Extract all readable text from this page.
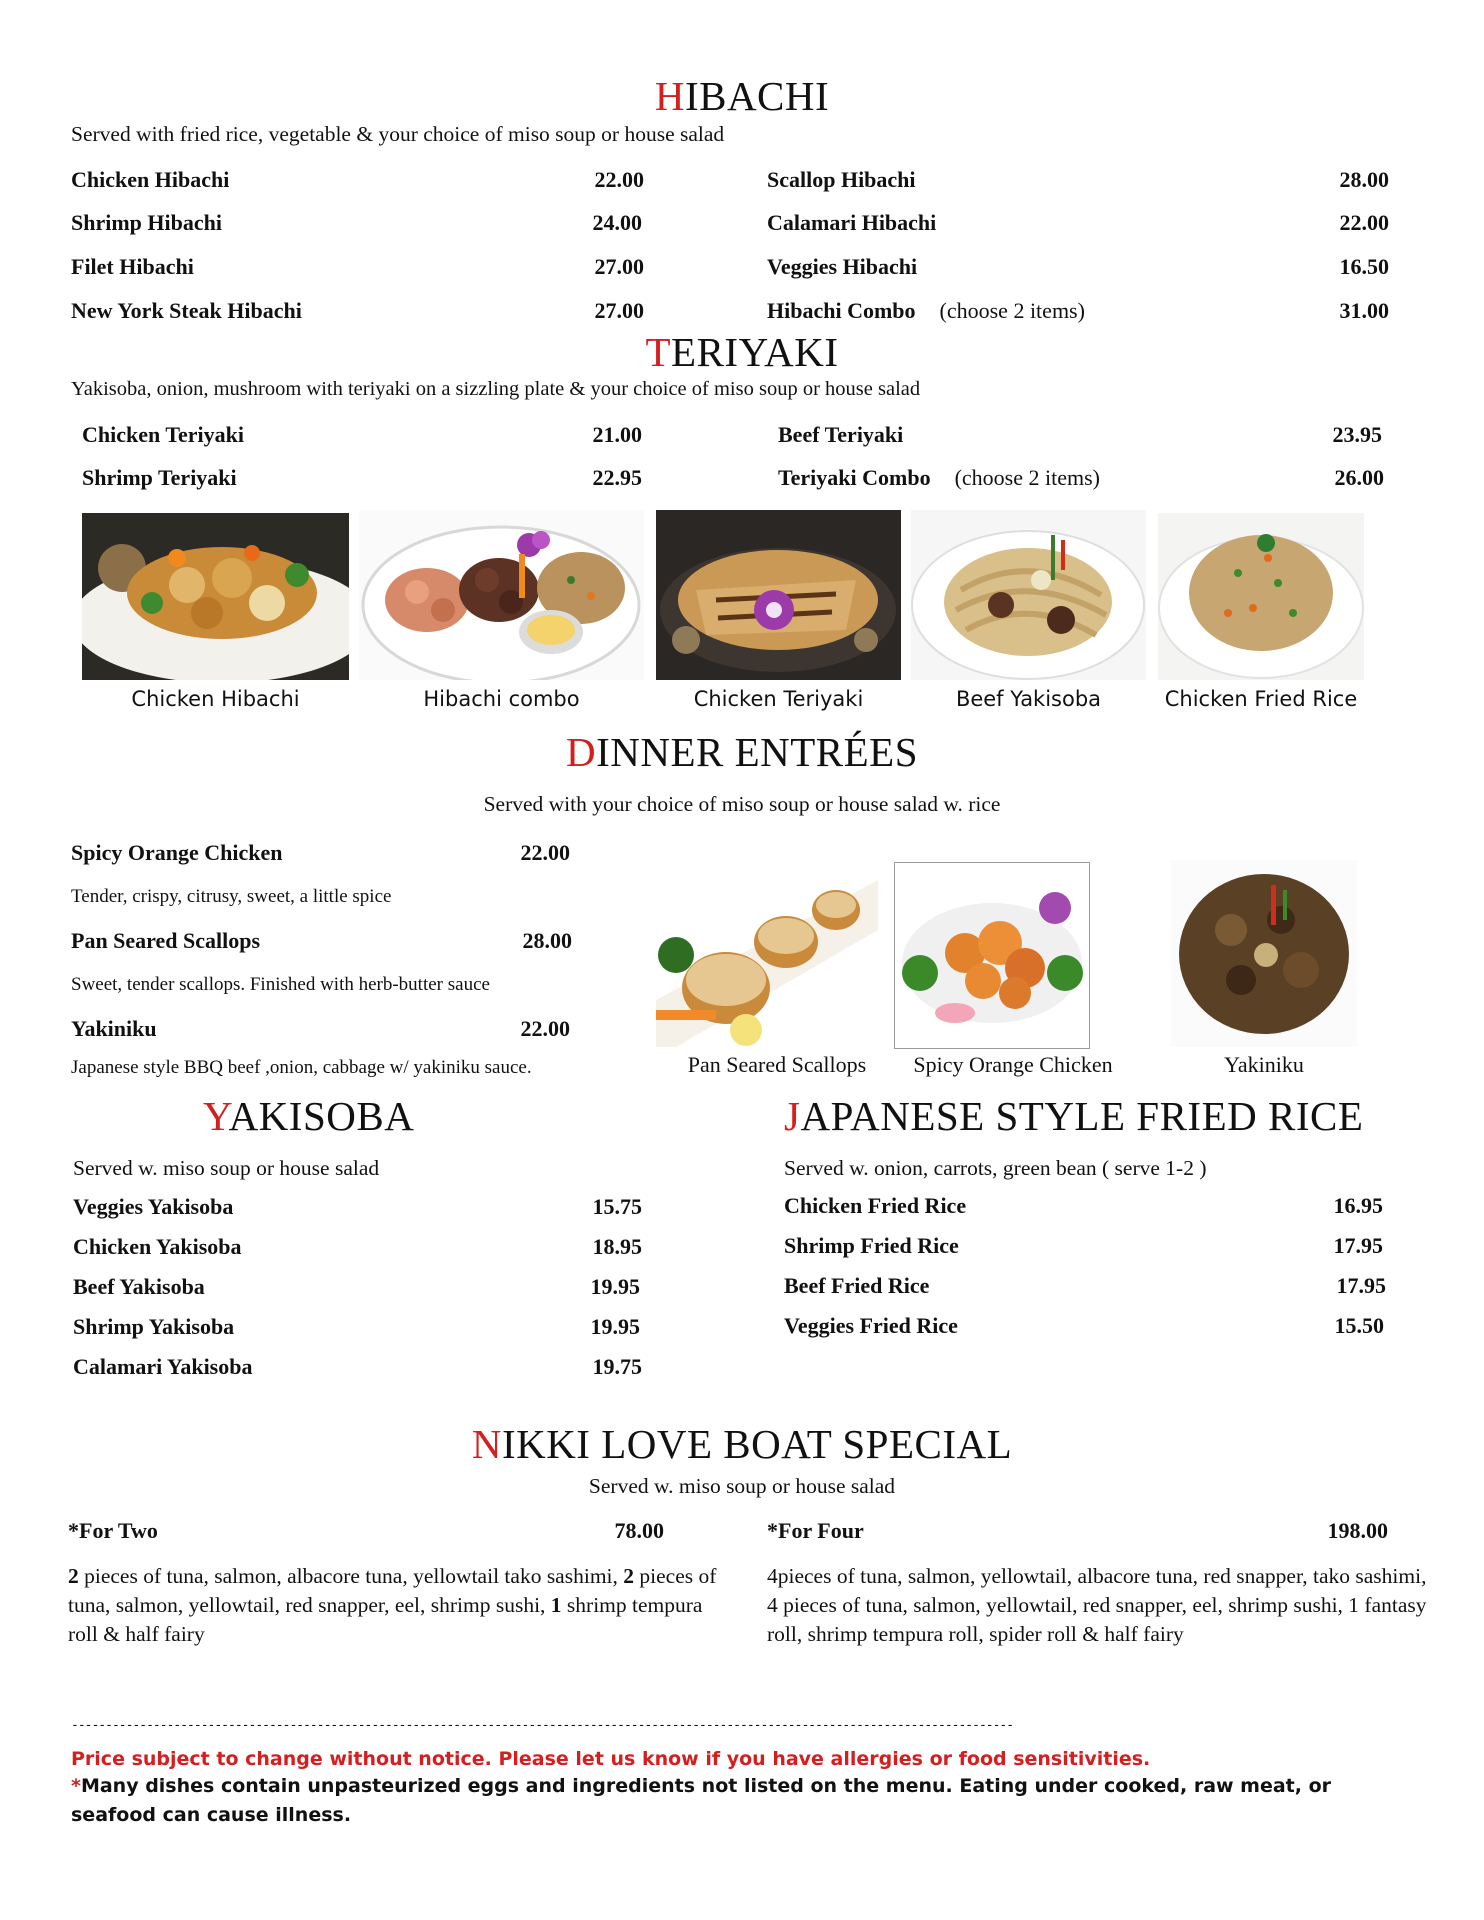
HIBACHI
Served with fried rice, vegetable & your choice of miso soup or house salad
Chicken Hibachi	22.00
Shrimp Hibachi	24.00
Filet Hibachi	27.00
New York Steak Hibachi	27.00
Scallop Hibachi	28.00
Calamari Hibachi	22.00
Veggies Hibachi	16.50
Hibachi Combo (choose 2 items)	31.00
TERIYAKI
Yakisoba, onion, mushroom with teriyaki on a sizzling plate & your choice of miso soup or house salad
Chicken Teriyaki	21.00
Shrimp Teriyaki	22.95
Beef Teriyaki	23.95
Teriyaki Combo (choose 2 items)	26.00
Chicken Hibachi	Hibachi combo	Chicken Teriyaki	Beef Yakisoba	Chicken Fried Rice
DINNER ENTRÉES
Served with your choice of miso soup or house salad w. rice
Spicy Orange Chicken	22.00
Tender, crispy, citrusy, sweet, a little spice
Pan Seared Scallops	28.00
Sweet, tender scallops. Finished with herb-butter sauce
Yakiniku	22.00
Japanese style BBQ beef ,onion, cabbage w/ yakiniku sauce.	Pan Seared Scallops	Spicy Orange Chicken	Yakiniku
YAKISOBA
Served w. miso soup or house salad
Veggies Yakisoba	15.75
Chicken Yakisoba	18.95
Beef Yakisoba	19.95
Shrimp Yakisoba	19.95
Calamari Yakisoba	19.75
JAPANESE STYLE FRIED RICE
Served w. onion, carrots, green bean ( serve 1-2 )
Chicken Fried Rice	16.95
Shrimp Fried Rice	17.95
Beef Fried Rice	17.95
Veggies Fried Rice	15.50
NIKKI LOVE BOAT SPECIAL
Served w. miso soup or house salad
*For Two	78.00
2 pieces of tuna, salmon, albacore tuna, yellowtail tako sashimi, 2 pieces of tuna, salmon, yellowtail, red snapper, eel, shrimp sushi, 1 shrimp tempura roll & half fairy
*For Four	198.00
4pieces of tuna, salmon, yellowtail, albacore tuna, red snapper, tako sashimi, 4 pieces of tuna, salmon, yellowtail, red snapper, eel, shrimp sushi, 1 fantasy roll, shrimp tempura roll, spider roll & half fairy
------------------------------------------------------------------------------------------------------------------------------------------
Price subject to change without notice. Please let us know if you have allergies or food sensitivities.
*Many dishes contain unpasteurized eggs and ingredients not listed on the menu. Eating under cooked, raw meat, or seafood can cause illness.
